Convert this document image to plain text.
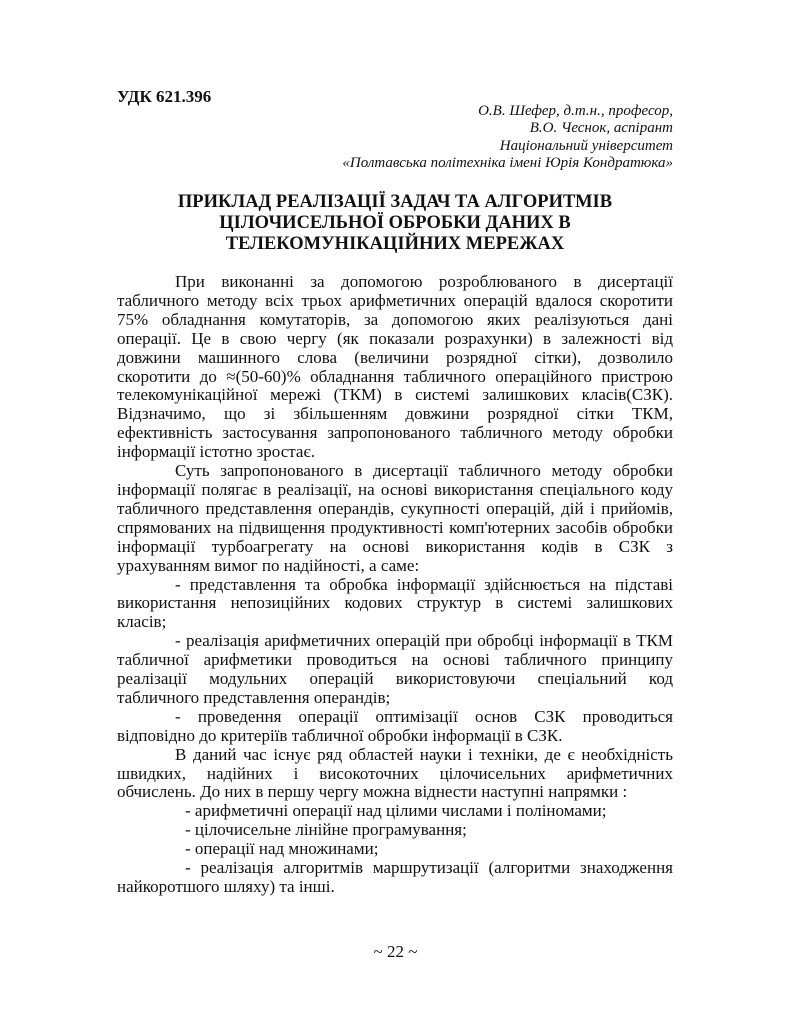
УДК 621.396
О.В. Шефер, д.т.н., професор,
В.О. Чеснок, аспірант
Національний університет
«Полтавська політехніка імені Юрія Кондратюка»
ПРИКЛАД РЕАЛІЗАЦІЇ ЗАДАЧ ТА АЛГОРИТМІВ
ЦІЛОЧИСЕЛЬНОЇ ОБРОБКИ ДАНИХ В
ТЕЛЕКОМУНІКАЦІЙНИХ МЕРЕЖАХ
При виконанні за допомогою розроблюваного в дисертації
табличного методу всіх трьох арифметичних операцій вдалося скоротити
75% обладнання комутаторів, за допомогою яких реалізуються дані
операції. Це в свою чергу (як показали розрахунки) в залежності від
довжини машинного слова (величини розрядної сітки), дозволило
скоротити до ≈(50-60)% обладнання табличного операційного пристрою
телекомунікаційної мережі (ТКМ) в системі залишкових класів(СЗК).
Відзначимо, що зі збільшенням довжини розрядної сітки ТКМ,
ефективність застосування запропонованого табличного методу обробки
інформації істотно зростає.
Суть запропонованого в дисертації табличного методу обробки
інформації полягає в реалізації, на основі використання спеціального коду
табличного представлення операндів, сукупності операцій, дій і прийомів,
спрямованих на підвищення продуктивності комп'ютерних засобів обробки
інформації турбоагрегату на основі використання кодів в СЗК з
урахуванням вимог по надійності, а саме:
- представлення та обробка інформації здійснюється на підставі
використання непозиційних кодових структур в системі залишкових
класів;
- реалізація арифметичних операцій при обробці інформації в ТКМ
табличної арифметики проводиться на основі табличного принципу
реалізації модульних операцій використовуючи спеціальний код
табличного представлення операндів;
- проведення операції оптимізації основ СЗК проводиться
відповідно до критеріїв табличної обробки інформації в СЗК.
В даний час існує ряд областей науки і техніки, де є необхідність
швидких, надійних і високоточних цілочисельних арифметичних
обчислень. До них в першу чергу можна віднести наступні напрямки :
- арифметичні операції над цілими числами і поліномами;
- цілочисельне лінійне програмування;
- операції над множинами;
- реалізація алгоритмів маршрутизації (алгоритми знаходження
найкоротшого шляху) та інші.
~ 22 ~
